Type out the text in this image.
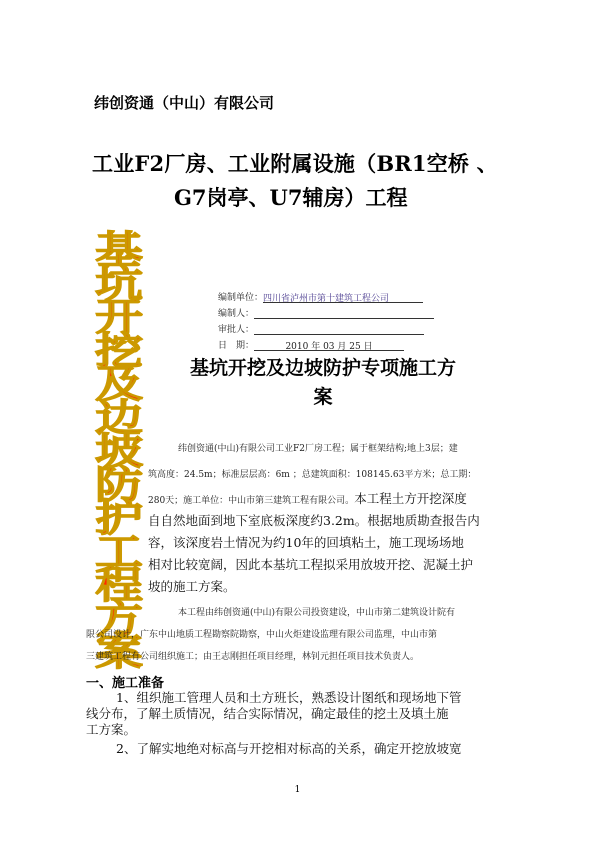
纬创资通（中山）有限公司
工业F2厂房、工业附属设施（BR1空桥 、
G7岗亭、U7辅房）工程
基
坑
开
挖
及
边
坡
防
护
工
程
方
案
编制单位：四川省泸州市第十建筑工程公司
编制人：
审批人：
日　期：	2010 年 03 月 25 日
基坑开挖及边坡防护专项施工方
案
纬创资通(中山)有限公司工业F2厂房工程；属于框架结构;地上3层；建
筑高度：24.5m；标准层层高：6m ；总建筑面积：108145.63平方米；总工期：
280天；施工单位：中山市第三建筑工程有限公司。本工程土方开挖深度
自自然地面到地下室底板深度约3.2m。根据地质勘查报告内
容，该深度岩土情况为约10年的回填粘土，施工现场场地
相对比较宽阔，因此本基坑工程拟采用放坡开挖、泥凝土护
坡的施工方案。
本工程由纬创资通(中山)有限公司投资建设，中山市第二建筑设计院有
限公司设计，广东中山地质工程勘察院勘察，中山火炬建设监理有限公司监理，中山市第
三建筑工程有公司组织施工；由王志刚担任项目经理，林钊元担任项目技术负责人。
一、施工准备
1、组织施工管理人员和土方班长，熟悉设计图纸和现场地下管
线分布，了解土质情况，结合实际情况，确定最佳的挖土及填土施
工方案。
2、了解实地绝对标高与开挖相对标高的关系，确定开挖放坡宽
1
